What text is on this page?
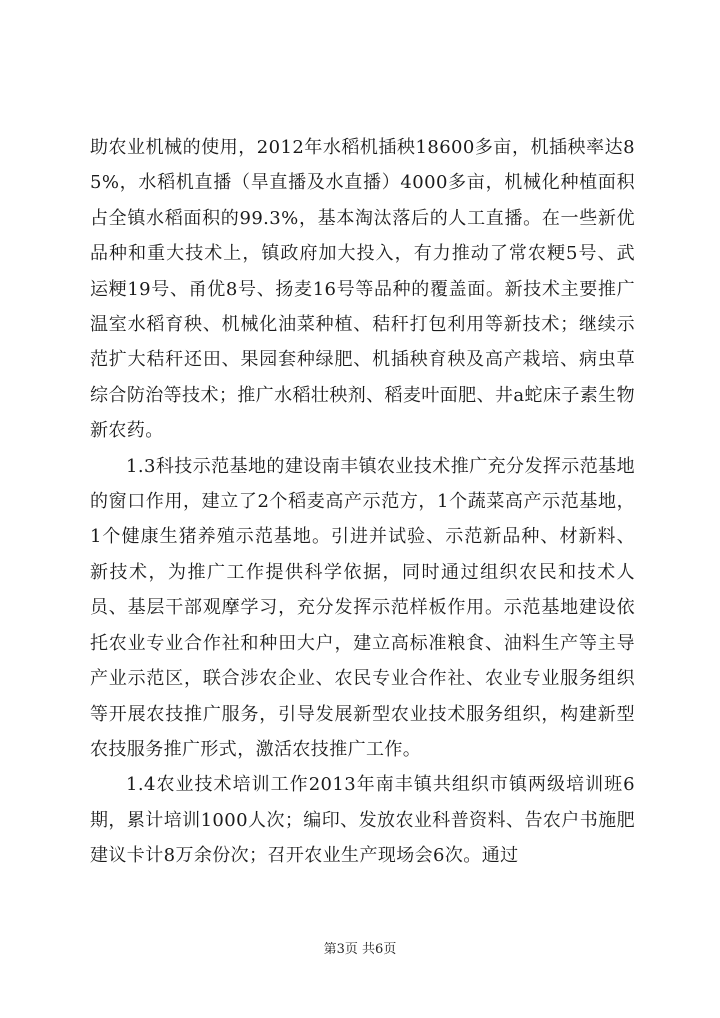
助农业机械的使用，2012年水稻机插秧18600多亩，机插秧率达85%，水稻机直播（旱直播及水直播）4000多亩，机械化种植面积占全镇水稻面积的99.3%，基本淘汰落后的人工直播。在一些新优品种和重大技术上，镇政府加大投入，有力推动了常农粳5号、武运粳19号、甬优8号、扬麦16号等品种的覆盖面。新技术主要推广温室水稻育秧、机械化油菜种植、秸秆打包利用等新技术；继续示范扩大秸秆还田、果园套种绿肥、机插秧育秧及高产栽培、病虫草综合防治等技术；推广水稻壮秧剂、稻麦叶面肥、井a蛇床子素生物新农药。

1.3科技示范基地的建设南丰镇农业技术推广充分发挥示范基地的窗口作用，建立了2个稻麦高产示范方，1个蔬菜高产示范基地，1个健康生猪养殖示范基地。引进并试验、示范新品种、材新料、新技术，为推广工作提供科学依据，同时通过组织农民和技术人员、基层干部观摩学习，充分发挥示范样板作用。示范基地建设依托农业专业合作社和种田大户，建立高标准粮食、油料生产等主导产业示范区，联合涉农企业、农民专业合作社、农业专业服务组织等开展农技推广服务，引导发展新型农业技术服务组织，构建新型农技服务推广形式，激活农技推广工作。

1.4农业技术培训工作2013年南丰镇共组织市镇两级培训班6期，累计培训1000人次；编印、发放农业科普资料、告农户书施肥建议卡计8万余份次；召开农业生产现场会6次。通过

第3页 共6页
